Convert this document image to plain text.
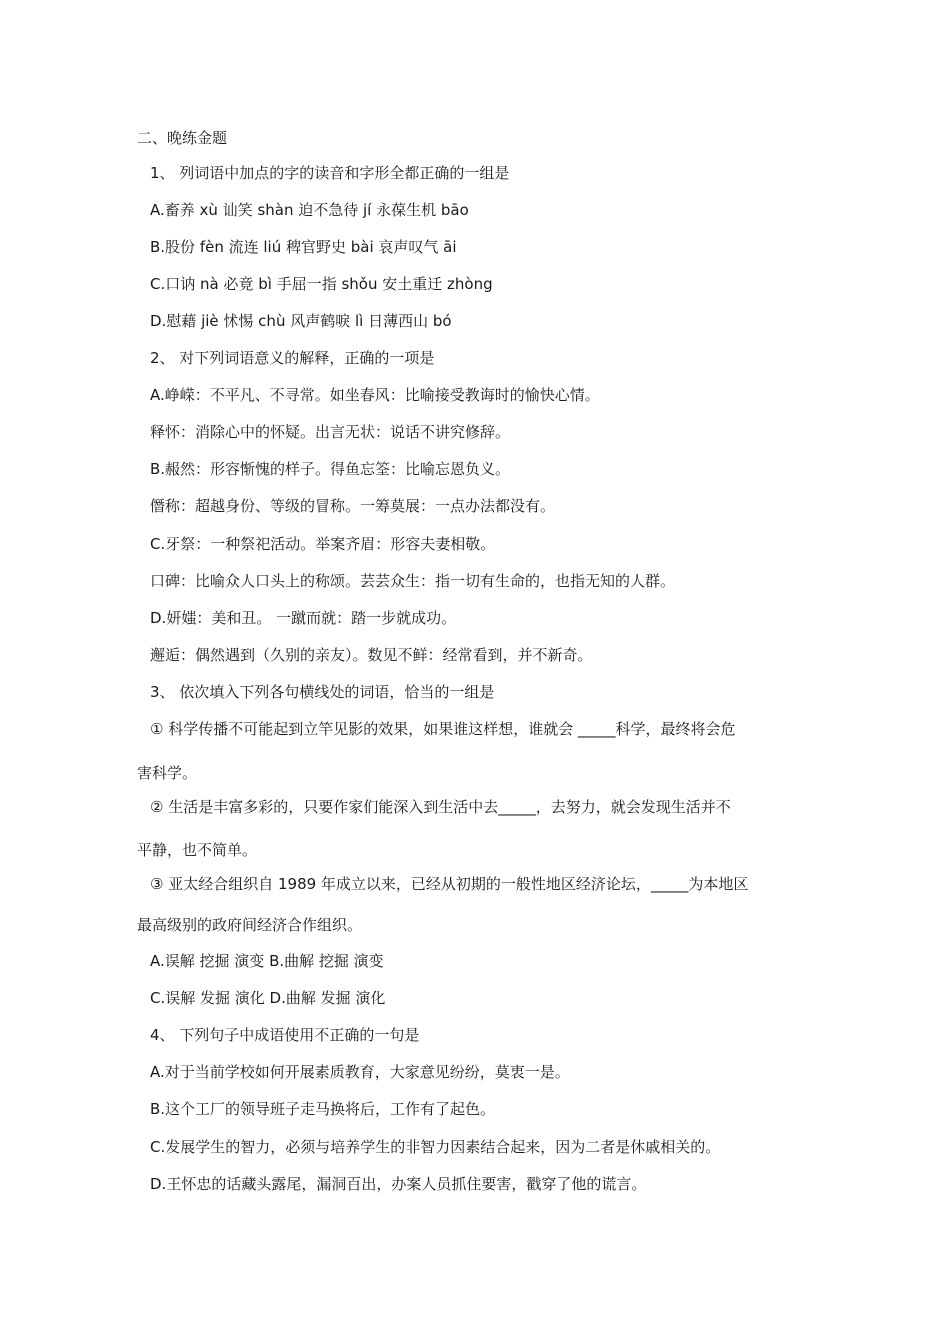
二、晚练金题
1、 列词语中加点的字的读音和字形全都正确的一组是
A.畜养 xù 讪笑 shàn 迫不急待 jí 永葆生机 bāo
B.股份 fèn 流连 liú 稗官野史 bài 哀声叹气 āi
C.口讷 nà 必竟 bì 手屈一指 shǒu 安土重迁 zhòng
D.慰藉 jiè 怵惕 chù 风声鹤唳 lì 日薄西山 bó
2、 对下列词语意义的解释，正确的一项是
A.峥嵘：不平凡、不寻常。如坐春风：比喻接受教诲时的愉快心情。
释怀：消除心中的怀疑。出言无状：说话不讲究修辞。
B.赧然：形容惭愧的样子。得鱼忘筌：比喻忘恩负义。
僭称：超越身份、等级的冒称。一筹莫展：一点办法都没有。
C.牙祭：一种祭祀活动。举案齐眉：形容夫妻相敬。
口碑：比喻众人口头上的称颂。芸芸众生：指一切有生命的，也指无知的人群。
D.妍媸：美和丑。 一蹴而就：踏一步就成功。
邂逅：偶然遇到（久别的亲友）。数见不鲜：经常看到，并不新奇。
3、 依次填入下列各句横线处的词语，恰当的一组是
① 科学传播不可能起到立竿见影的效果，如果谁这样想，谁就会 _____科学，最终将会危
害科学。
② 生活是丰富多彩的，只要作家们能深入到生活中去_____，去努力，就会发现生活并不
平静，也不简单。
③ 亚太经合组织自 1989 年成立以来，已经从初期的一般性地区经济论坛，_____为本地区
最高级别的政府间经济合作组织。
A.误解 挖掘 演变 B.曲解 挖掘 演变
C.误解 发掘 演化 D.曲解 发掘 演化
4、 下列句子中成语使用不正确的一句是
A.对于当前学校如何开展素质教育，大家意见纷纷，莫衷一是。
B.这个工厂的领导班子走马换将后，工作有了起色。
C.发展学生的智力，必须与培养学生的非智力因素结合起来，因为二者是休戚相关的。
D.王怀忠的话藏头露尾，漏洞百出，办案人员抓住要害，戳穿了他的谎言。
